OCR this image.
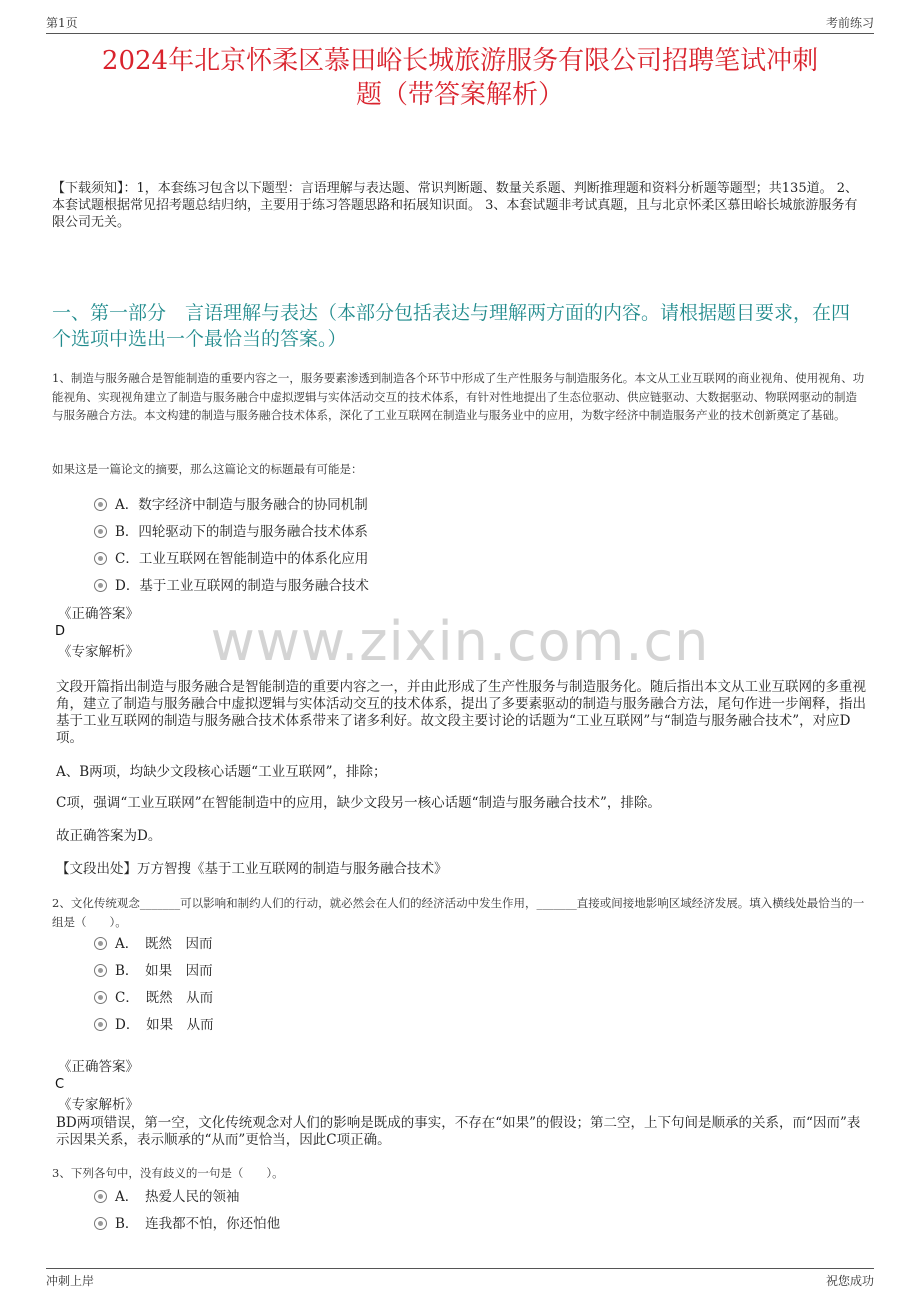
第1页	考前练习
2024年北京怀柔区慕田峪长城旅游服务有限公司招聘笔试冲刺
题（带答案解析）
【下载须知】：1，本套练习包含以下题型：言语理解与表达题、常识判断题、数量关系题、判断推理题和资料分析题等题型；共135道。 2、本套试题根据常见招考题总结归纳，主要用于练习答题思路和拓展知识面。 3、本套试题非考试真题，且与北京怀柔区慕田峪长城旅游服务有限公司无关。
一、第一部分　言语理解与表达（本部分包括表达与理解两方面的内容。请根据题目要求，在四个选项中选出一个最恰当的答案。）
1、制造与服务融合是智能制造的重要内容之一，服务要素渗透到制造各个环节中形成了生产性服务与制造服务化。本文从工业互联网的商业视角、使用视角、功能视角、实现视角建立了制造与服务融合中虚拟逻辑与实体活动交互的技术体系，有针对性地提出了生态位驱动、供应链驱动、大数据驱动、物联网驱动的制造与服务融合方法。本文构建的制造与服务融合技术体系，深化了工业互联网在制造业与服务业中的应用，为数字经济中制造服务产业的技术创新奠定了基础。
如果这是一篇论文的摘要，那么这篇论文的标题最有可能是：
A．数字经济中制造与服务融合的协同机制
B．四轮驱动下的制造与服务融合技术体系
C．工业互联网在智能制造中的体系化应用
D．基于工业互联网的制造与服务融合技术
《正确答案》
D
《专家解析》	www.zixin.com.cn
文段开篇指出制造与服务融合是智能制造的重要内容之一，并由此形成了生产性服务与制造服务化。随后指出本文从工业互联网的多重视角，建立了制造与服务融合中虚拟逻辑与实体活动交互的技术体系，提出了多要素驱动的制造与服务融合方法，尾句作进一步阐释，指出基于工业互联网的制造与服务融合技术体系带来了诸多利好。故文段主要讨论的话题为“工业互联网”与“制造与服务融合技术”，对应D项。
A、B两项，均缺少文段核心话题“工业互联网”，排除；
C项，强调“工业互联网”在智能制造中的应用，缺少文段另一核心话题“制造与服务融合技术”，排除。
故正确答案为D。
【文段出处】万方智搜《基于工业互联网的制造与服务融合技术》
2、文化传统观念_______可以影响和制约人们的行动，就必然会在人们的经济活动中发生作用，_______直接或间接地影响区域经济发展。填入横线处最恰当的一组是（　　）。
A．　既然　因而
B．　如果　因而
C．　既然　从而
D．　如果　从而
《正确答案》
C
《专家解析》
BD两项错误，第一空，文化传统观念对人们的影响是既成的事实，不存在“如果”的假设；第二空，上下句间是顺承的关系，而“因而”表示因果关系，表示顺承的“从而”更恰当，因此C项正确。
3、下列各句中，没有歧义的一句是（　　）。
A．　热爱人民的领袖
B．　连我都不怕，你还怕他
冲刺上岸	祝您成功
